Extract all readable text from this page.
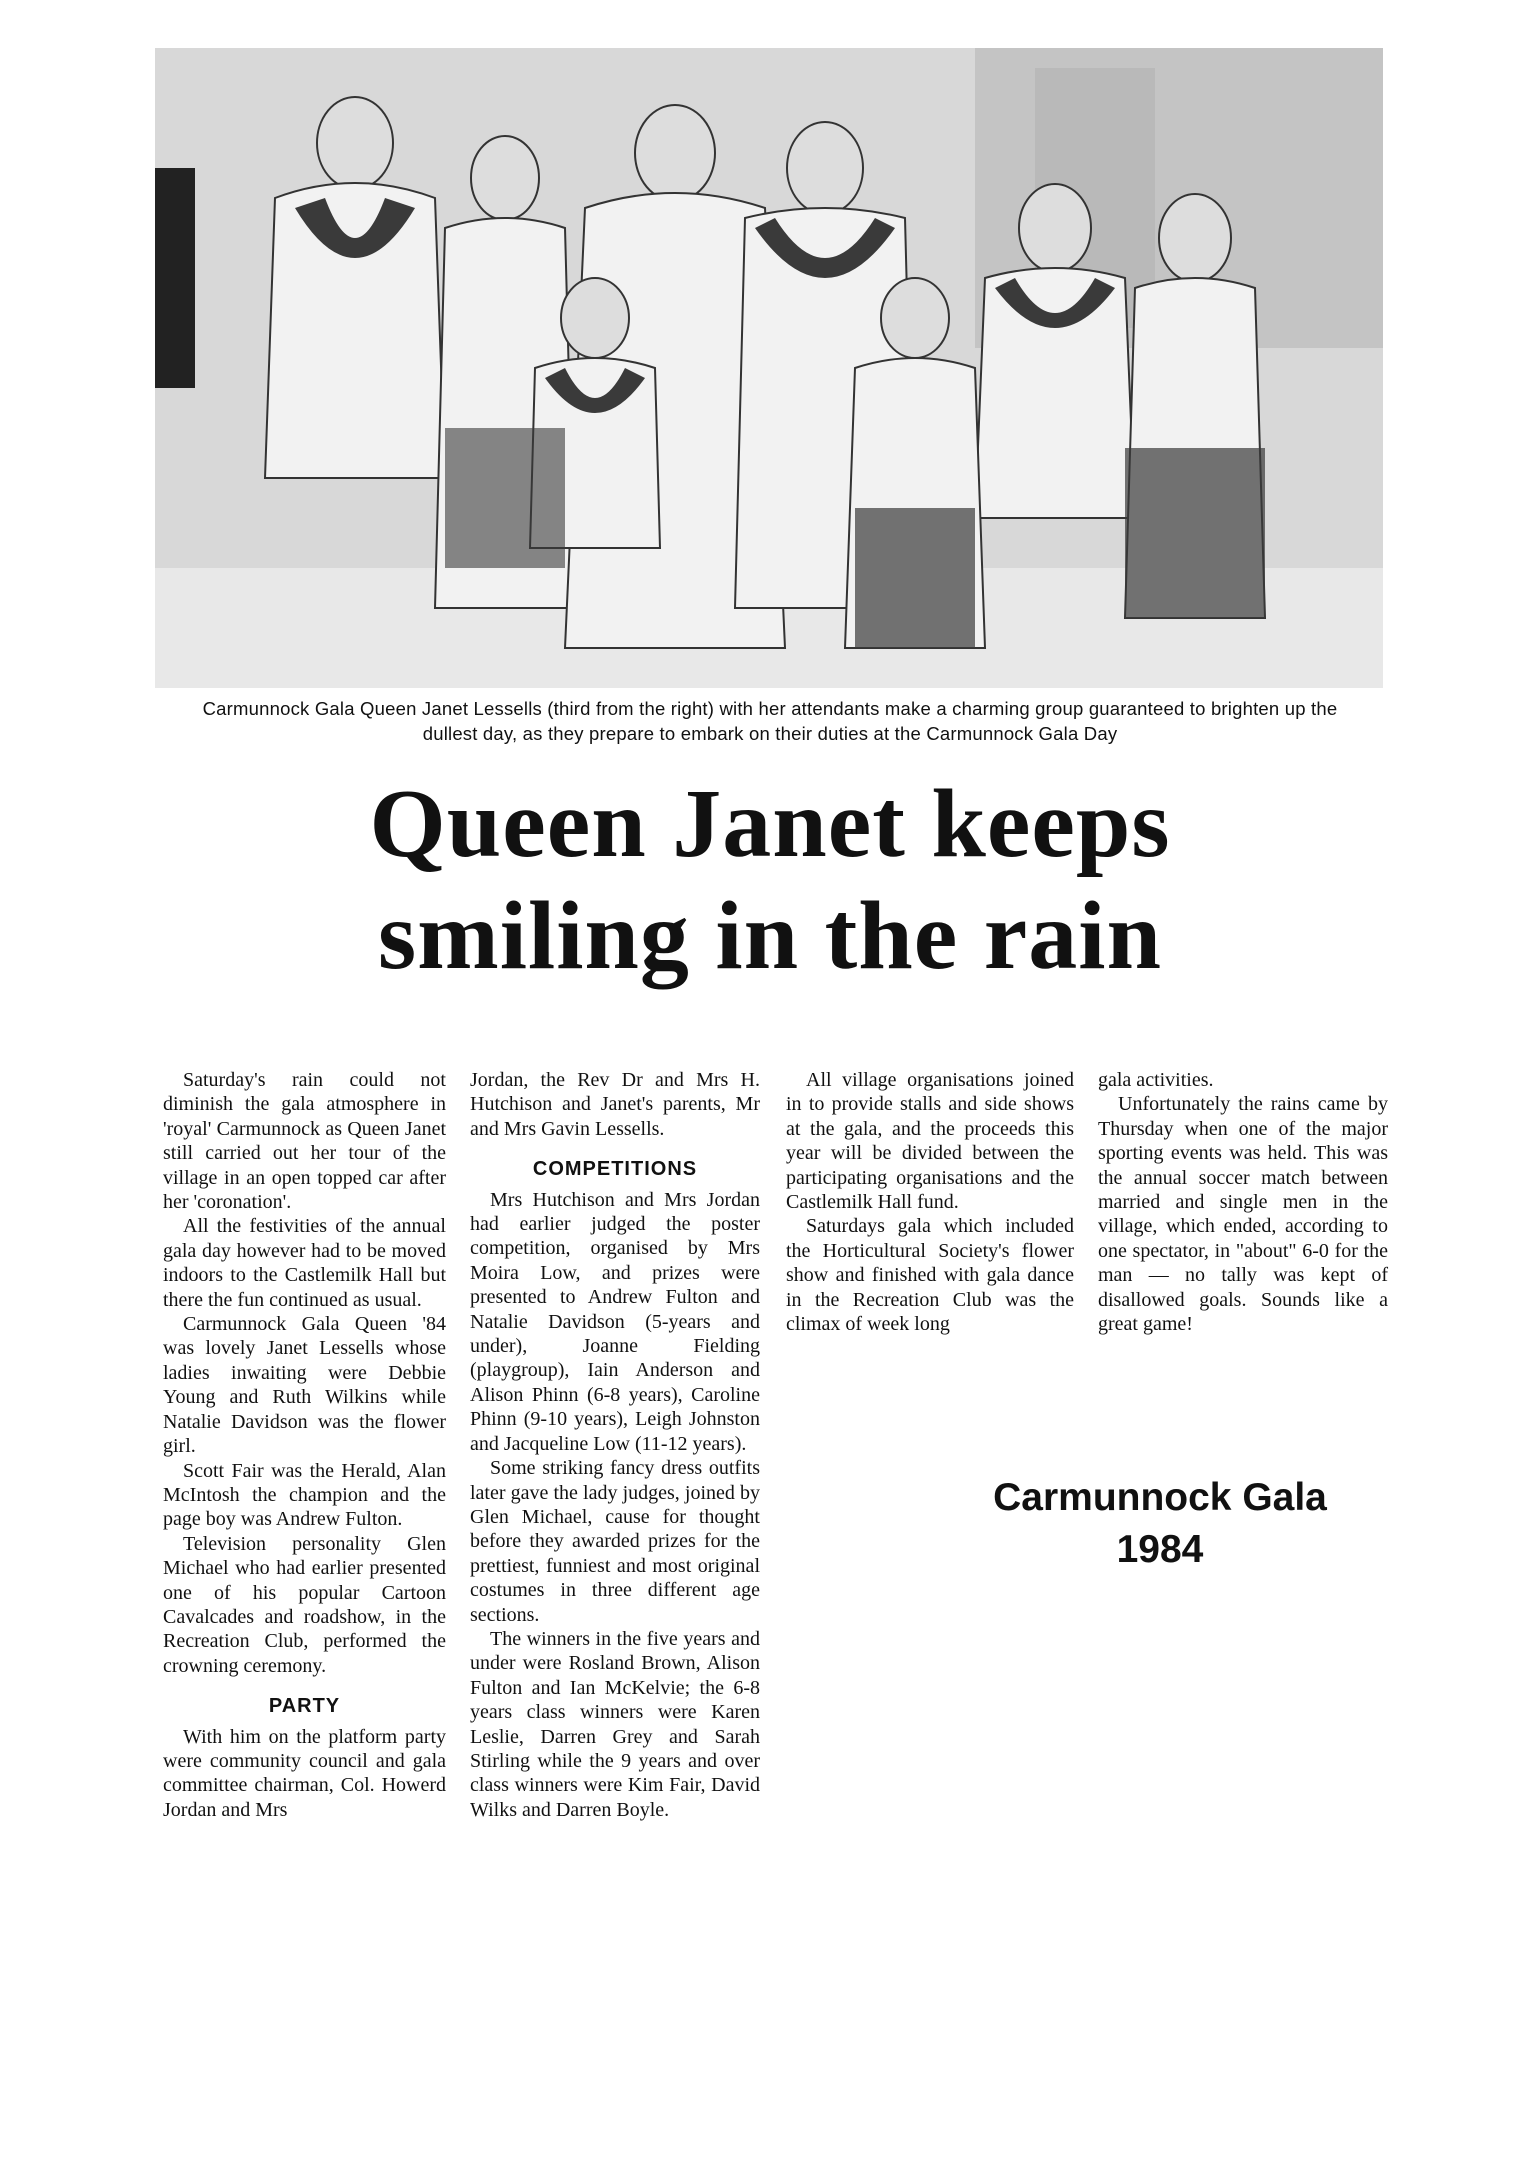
Carmunnock Gala Queen Janet Lessells (third from the right) with her attendants make a charming group guaranteed to brighten up the dullest day, as they prepare to embark on their duties at the Carmunnock Gala Day
Queen Janet keeps
smiling in the rain

Saturday's rain could not diminish the gala atmosphere in 'royal' Carmunnock as Queen Janet still carried out her tour of the village in an open topped car after her 'coronation'.

All the festivities of the annual gala day however had to be moved indoors to the Castlemilk Hall but there the fun continued as usual.

Carmunnock Gala Queen '84 was lovely Janet Lessells whose ladies inwaiting were Debbie Young and Ruth Wilkins while Natalie Davidson was the flower girl.

Scott Fair was the Herald, Alan McIntosh the champion and the page boy was Andrew Fulton.

Television personality Glen Michael who had earlier presented one of his popular Cartoon Cavalcades and roadshow, in the Recreation Club, performed the crowning ceremony.

PARTY

With him on the platform party were community council and gala committee chairman, Col. Howerd Jordan and Mrs

Jordan, the Rev Dr and Mrs H. Hutchison and Janet's parents, Mr and Mrs Gavin Lessells.

COMPETITIONS

Mrs Hutchison and Mrs Jordan had earlier judged the poster competition, organised by Mrs Moira Low, and prizes were presented to Andrew Fulton and Natalie Davidson (5-years and under), Joanne Fielding (playgroup), Iain Anderson and Alison Phinn (6-8 years), Caroline Phinn (9-10 years), Leigh Johnston and Jacqueline Low (11-12 years).

Some striking fancy dress outfits later gave the lady judges, joined by Glen Michael, cause for thought before they awarded prizes for the prettiest, funniest and most original costumes in three different age sections.

The winners in the five years and under were Rosland Brown, Alison Fulton and Ian McKelvie; the 6-8 years class winners were Karen Leslie, Darren Grey and Sarah Stirling while the 9 years and over class winners were Kim Fair, David Wilks and Darren Boyle.

All village organisations joined in to provide stalls and side shows at the gala, and the proceeds this year will be divided between the participating organisations and the Castlemilk Hall fund.

Saturdays gala which included the Horticultural Society's flower show and finished with gala dance in the Recreation Club was the climax of week long

gala activities.

Unfortunately the rains came by Thursday when one of the major sporting events was held. This was the annual soccer match between married and single men in the village, which ended, according to one spectator, in "about" 6-0 for the man — no tally was kept of disallowed goals. Sounds like a great game!

Carmunnock Gala
1984
